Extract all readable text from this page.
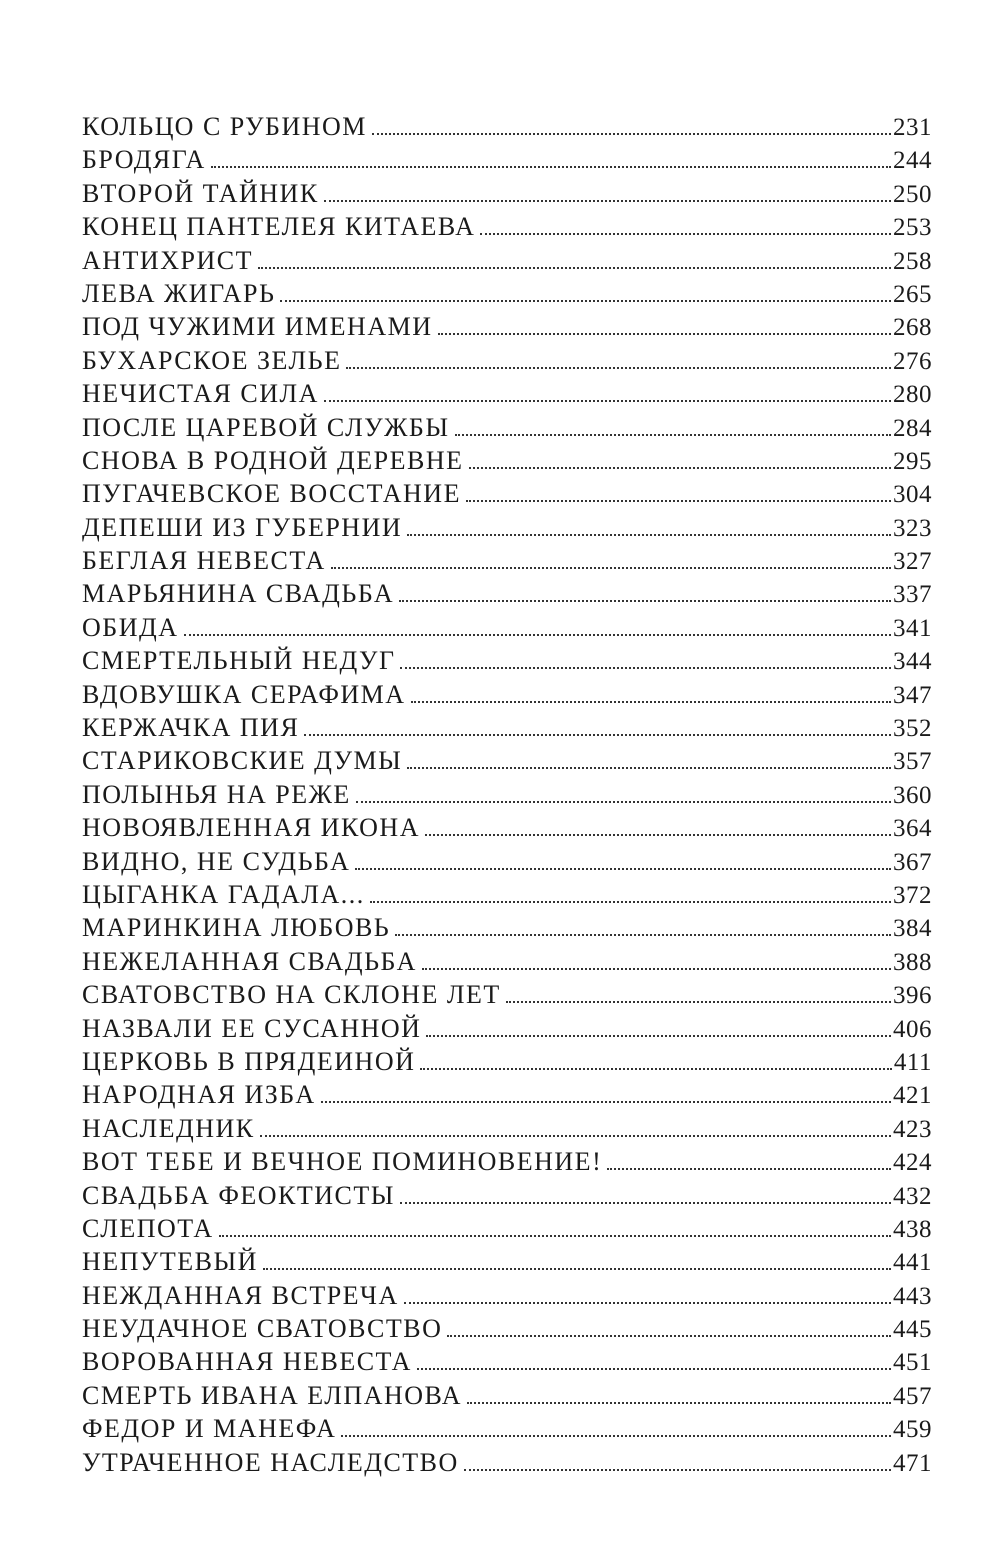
КОЛЬЦО С РУБИНОМ	231
БРОДЯГА	244
ВТОРОЙ ТАЙНИК	250
КОНЕЦ ПАНТЕЛЕЯ КИТАЕВА	253
АНТИХРИСТ	258
ЛЕВА ЖИГАРЬ	265
ПОД ЧУЖИМИ ИМЕНАМИ	268
БУХАРСКОЕ ЗЕЛЬЕ	276
НЕЧИСТАЯ СИЛА	280
ПОСЛЕ ЦАРЕВОЙ СЛУЖБЫ	284
СНОВА В РОДНОЙ ДЕРЕВНЕ	295
ПУГАЧЕВСКОЕ ВОССТАНИЕ	304
ДЕПЕШИ ИЗ ГУБЕРНИИ	323
БЕГЛАЯ НЕВЕСТА	327
МАРЬЯНИНА СВАДЬБА	337
ОБИДА	341
СМЕРТЕЛЬНЫЙ НЕДУГ	344
ВДОВУШКА СЕРАФИМА	347
КЕРЖАЧКА ПИЯ	352
СТАРИКОВСКИЕ ДУМЫ	357
ПОЛЫНЬЯ НА РЕЖЕ	360
НОВОЯВЛЕННАЯ ИКОНА	364
ВИДНО, НЕ СУДЬБА	367
ЦЫГАНКА ГАДАЛА...	372
МАРИНКИНА ЛЮБОВЬ	384
НЕЖЕЛАННАЯ СВАДЬБА	388
СВАТОВСТВО НА СКЛОНЕ ЛЕТ	396
НАЗВАЛИ ЕЕ СУСАННОЙ	406
ЦЕРКОВЬ В ПРЯДЕИНОЙ	411
НАРОДНАЯ ИЗБА	421
НАСЛЕДНИК	423
ВОТ ТЕБЕ И ВЕЧНОЕ ПОМИНОВЕНИЕ!	424
СВАДЬБА ФЕОКТИСТЫ	432
СЛЕПОТА	438
НЕПУТЕВЫЙ	441
НЕЖДАННАЯ ВСТРЕЧА	443
НЕУДАЧНОЕ СВАТОВСТВО	445
ВОРОВАННАЯ НЕВЕСТА	451
СМЕРТЬ ИВАНА ЕЛПАНОВА	457
ФЕДОР И МАНЕФА	459
УТРАЧЕННОЕ НАСЛЕДСТВО	471
